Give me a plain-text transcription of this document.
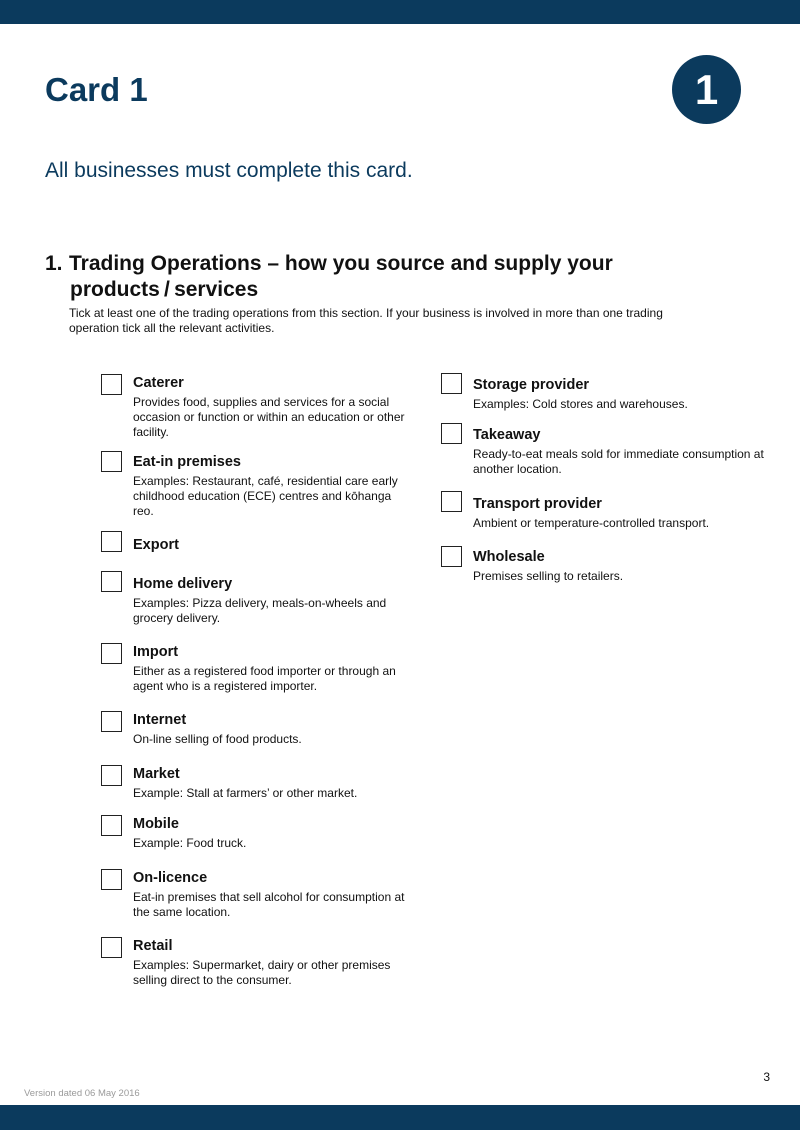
Card 1	1

All businesses must complete this card.

1. Trading Operations – how you source and supply your
products / services

Tick at least one of the trading operations from this section. If your business is involved in more than one trading operation tick all the relevant activities.

Caterer

Provides food, supplies and services for a social occasion or function or within an education or other facility.

Eat-in premises

Examples: Restaurant, café, residential care early childhood education (ECE) centres and kōhanga reo.

Export

Home delivery

Examples: Pizza delivery, meals-on-wheels and grocery delivery.

Import

Either as a registered food importer or through an agent who is a registered importer.

Internet

On-line selling of food products.

Market

Example: Stall at farmers’ or other market.

Mobile

Example: Food truck.

On-licence

Eat-in premises that sell alcohol for consumption at the same location.

Retail

Examples: Supermarket, dairy or other premises selling direct to the consumer.

Storage provider

Examples: Cold stores and warehouses.

Takeaway

Ready-to-eat meals sold for immediate consumption at another location.

Transport provider

Ambient or temperature-controlled transport.

Wholesale

Premises selling to retailers.

3
Version dated 06 May 2016
